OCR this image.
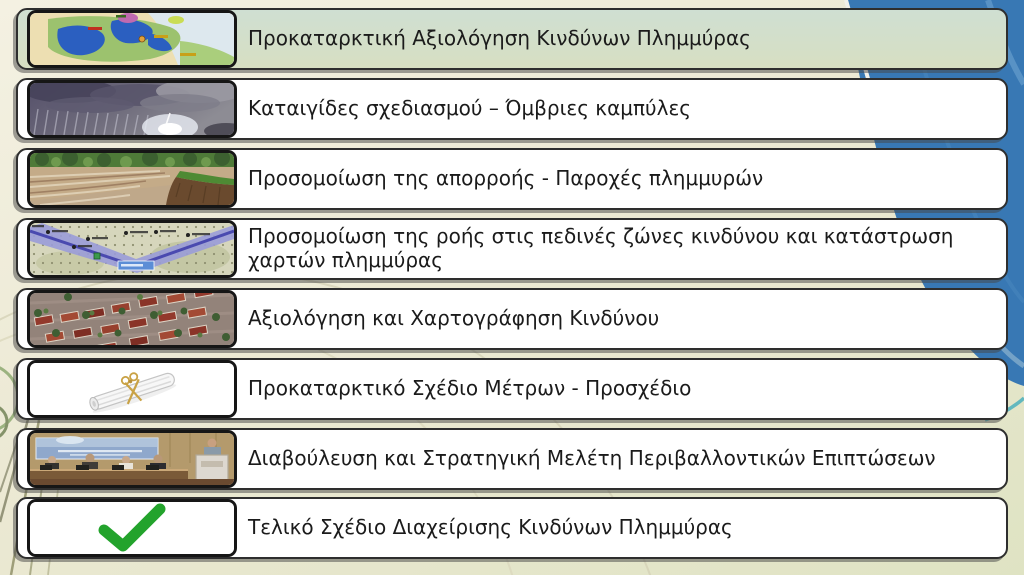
Προκαταρκτική Αξιολόγηση Κινδύνων Πλημμύρας
Καταιγίδες σχεδιασμού – Όμβριες καμπύλες
Προσομοίωση της απορροής - Παροχές πλημμυρών
Προσομοίωση της ροής στις πεδινές ζώνες κινδύνου και κατάστρωση χαρτών πλημμύρας
Αξιολόγηση και Χαρτογράφηση Κινδύνου
Προκαταρκτικό Σχέδιο Μέτρων - Προσχέδιο
Διαβούλευση και Στρατηγική Μελέτη Περιβαλλοντικών Επιπτώσεων
Τελικό Σχέδιο Διαχείρισης Κινδύνων Πλημμύρας
